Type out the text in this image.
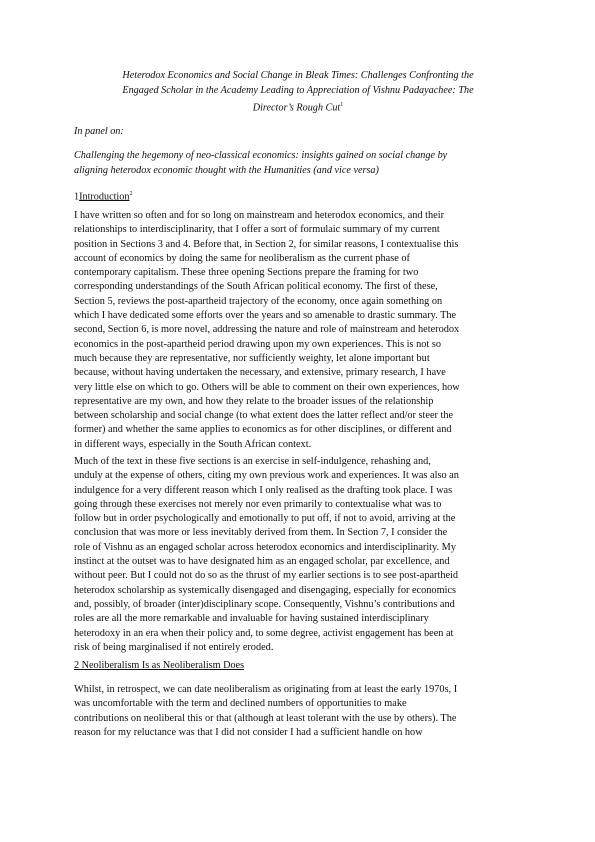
Heterodox Economics and Social Change in Bleak Times: Challenges Confronting the
Engaged Scholar in the Academy Leading to Appreciation of Vishnu Padayachee: The
Director’s Rough Cut$^1$
In panel on:
Challenging the hegemony of neo-classical economics: insights gained on social change by
aligning heterodox economic thought with the Humanities (and vice versa)
1Introduction$^2$
I have written so often and for so long on mainstream and heterodox economics, and their
relationships to interdisciplinarity, that I offer a sort of formulaic summary of my current
position in Sections 3 and 4. Before that, in Section 2, for similar reasons, I contextualise this
account of economics by doing the same for neoliberalism as the current phase of
contemporary capitalism. These three opening Sections prepare the framing for two
corresponding understandings of the South African political economy. The first of these,
Section 5, reviews the post-apartheid trajectory of the economy, once again something on
which I have dedicated some efforts over the years and so amenable to drastic summary. The
second, Section 6, is more novel, addressing the nature and role of mainstream and heterodox
economics in the post-apartheid period drawing upon my own experiences. This is not so
much because they are representative, nor sufficiently weighty, let alone important but
because, without having undertaken the necessary, and extensive, primary research, I have
very little else on which to go. Others will be able to comment on their own experiences, how
representative are my own, and how they relate to the broader issues of the relationship
between scholarship and social change (to what extent does the latter reflect and/or steer the
former) and whether the same applies to economics as for other disciplines, or different and
in different ways, especially in the South African context.
Much of the text in these five sections is an exercise in self-indulgence, rehashing and,
unduly at the expense of others, citing my own previous work and experiences. It was also an
indulgence for a very different reason which I only realised as the drafting took place. I was
going through these exercises not merely nor even primarily to contextualise what was to
follow but in order psychologically and emotionally to put off, if not to avoid, arriving at the
conclusion that was more or less inevitably derived from them. In Section 7, I consider the
role of Vishnu as an engaged scholar across heterodox economics and interdisciplinarity. My
instinct at the outset was to have designated him as an engaged scholar, par excellence, and
without peer. But I could not do so as the thrust of my earlier sections is to see post-apartheid
heterodox scholarship as systemically disengaged and disengaging, especially for economics
and, possibly, of broader (inter)disciplinary scope. Consequently, Vishnu’s contributions and
roles are all the more remarkable and invaluable for having sustained interdisciplinary
heterodoxy in an era when their policy and, to some degree, activist engagement has been at
risk of being marginalised if not entirely eroded.
2 Neoliberalism Is as Neoliberalism Does
Whilst, in retrospect, we can date neoliberalism as originating from at least the early 1970s, I
was uncomfortable with the term and declined numbers of opportunities to make
contributions on neoliberal this or that (although at least tolerant with the use by others). The
reason for my reluctance was that I did not consider I had a sufficient handle on how
